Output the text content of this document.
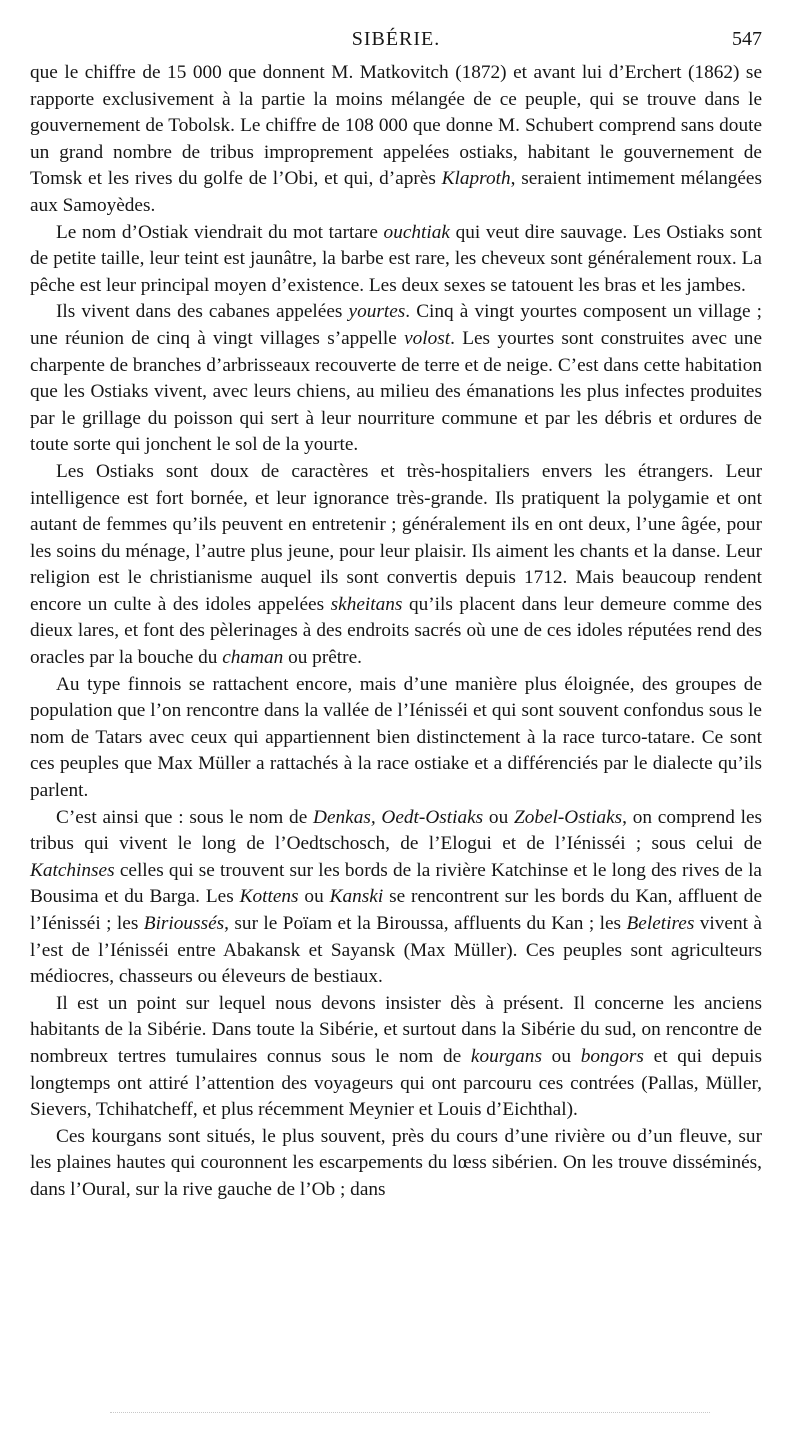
SIBÉRIE.	547

que le chiffre de 15 000 que donnent M. Matkovitch (1872) et avant lui d’Erchert (1862) se rapporte exclusivement à la partie la moins mélangée de ce peuple, qui se trouve dans le gouvernement de Tobolsk. Le chiffre de 108 000 que donne M. Schubert comprend sans doute un grand nombre de tribus improprement appelées ostiaks, habitant le gouvernement de Tomsk et les rives du golfe de l’Obi, et qui, d’après Klaproth, seraient intimement mélangées aux Samoyèdes.

Le nom d’Ostiak viendrait du mot tartare ouchtiak qui veut dire sauvage. Les Ostiaks sont de petite taille, leur teint est jaunâtre, la barbe est rare, les cheveux sont généralement roux. La pêche est leur principal moyen d’existence. Les deux sexes se tatouent les bras et les jambes.

Ils vivent dans des cabanes appelées yourtes. Cinq à vingt yourtes composent un village ; une réunion de cinq à vingt villages s’appelle volost. Les yourtes sont construites avec une charpente de branches d’arbrisseaux recouverte de terre et de neige. C’est dans cette habitation que les Ostiaks vivent, avec leurs chiens, au milieu des émanations les plus infectes produites par le grillage du poisson qui sert à leur nourriture commune et par les débris et ordures de toute sorte qui jonchent le sol de la yourte.

Les Ostiaks sont doux de caractères et très-hospitaliers envers les étrangers. Leur intelligence est fort bornée, et leur ignorance très-grande. Ils pratiquent la polygamie et ont autant de femmes qu’ils peuvent en entretenir ; généralement ils en ont deux, l’une âgée, pour les soins du ménage, l’autre plus jeune, pour leur plaisir. Ils aiment les chants et la danse. Leur religion est le christianisme auquel ils sont convertis depuis 1712. Mais beaucoup rendent encore un culte à des idoles appelées skheitans qu’ils placent dans leur demeure comme des dieux lares, et font des pèlerinages à des endroits sacrés où une de ces idoles réputées rend des oracles par la bouche du chaman ou prêtre.

Au type finnois se rattachent encore, mais d’une manière plus éloignée, des groupes de population que l’on rencontre dans la vallée de l’Iénisséi et qui sont souvent confondus sous le nom de Tatars avec ceux qui appartiennent bien distinctement à la race turco-tatare. Ce sont ces peuples que Max Müller a rattachés à la race ostiake et a différenciés par le dialecte qu’ils parlent.

C’est ainsi que : sous le nom de Denkas, Oedt-Ostiaks ou Zobel-Ostiaks, on comprend les tribus qui vivent le long de l’Oedtschosch, de l’Elogui et de l’Iénisséi ; sous celui de Katchinses celles qui se trouvent sur les bords de la rivière Katchinse et le long des rives de la Bousima et du Barga. Les Kottens ou Kanski se rencontrent sur les bords du Kan, affluent de l’Iénisséi ; les Birioussés, sur le Poïam et la Biroussa, affluents du Kan ; les Beletires vivent à l’est de l’Iénisséi entre Abakansk et Sayansk (Max Müller). Ces peuples sont agriculteurs médiocres, chasseurs ou éleveurs de bestiaux.

Il est un point sur lequel nous devons insister dès à présent. Il concerne les anciens habitants de la Sibérie. Dans toute la Sibérie, et surtout dans la Sibérie du sud, on rencontre de nombreux tertres tumulaires connus sous le nom de kourgans ou bongors et qui depuis longtemps ont attiré l’attention des voyageurs qui ont parcouru ces contrées (Pallas, Müller, Sievers, Tchihatcheff, et plus récemment Meynier et Louis d’Eichthal).

Ces kourgans sont situés, le plus souvent, près du cours d’une rivière ou d’un fleuve, sur les plaines hautes qui couronnent les escarpements du lœss sibérien. On les trouve disséminés, dans l’Oural, sur la rive gauche de l’Ob ; dans
